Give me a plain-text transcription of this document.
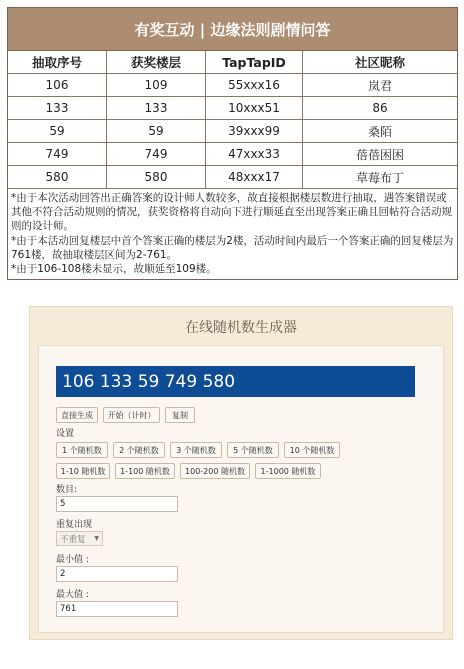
有奖互动 | 边缘法则剧情问答
抽取序号	获奖楼层	TapTapID	社区昵称
106	109	55xxx16	岚君
133	133	10xxx51	86
59	59	39xxx99	桑陌
749	749	47xxx33	蓓蓓困困
580	580	48xxx17	草莓布丁

*由于本次活动回答出正确答案的设计师人数较多，故直接根据楼层数进行抽取，遇答案错误或其他不符合活动规则的情况，获奖资格将自动向下进行顺延直至出现答案正确且回帖符合活动规则的设计师。

*由于本活动回复楼层中首个答案正确的楼层为2楼，活动时间内最后一个答案正确的回复楼层为761楼，故抽取楼层区间为2-761。

*由于106-108楼未显示，故顺延至109楼。

在线随机数生成器
106 133 59 749 580
直接生成	开始（计时）	复制
设置
1 个随机数	2 个随机数	3 个随机数	5 个随机数	10 个随机数
1-10 随机数	1-100 随机数	100-200 随机数	1-1000 随机数
数目:
5
重复出现
不重复 ▼
最小值 :
2
最大值 :
761
